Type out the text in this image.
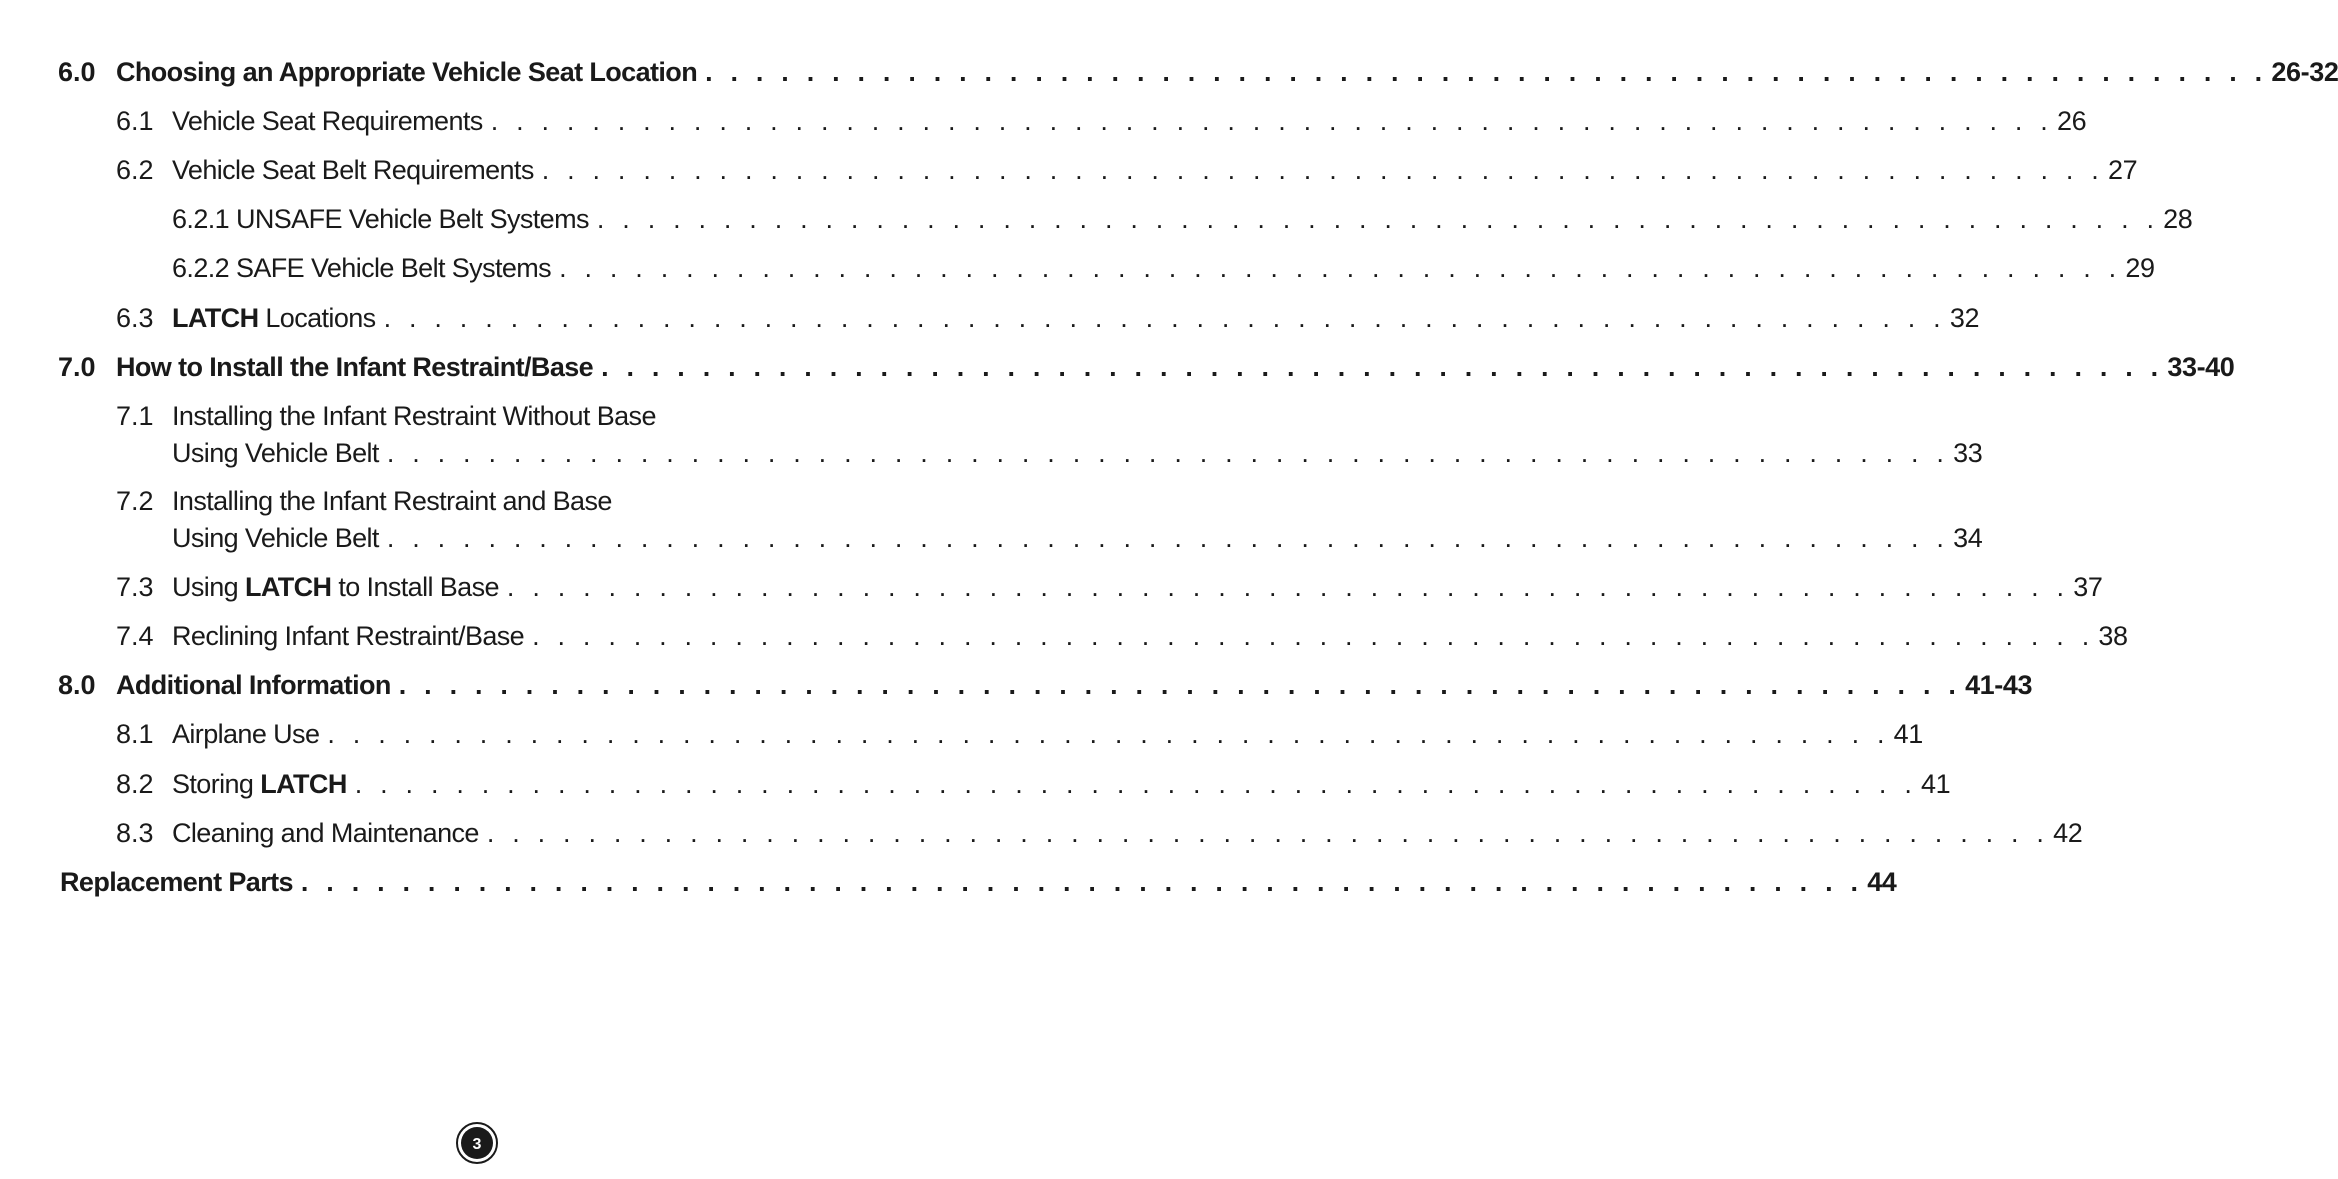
6.0 Choosing an Appropriate Vehicle Seat Location . . . . . . . . . . . . . . . . . . . . . . . . . . . . . . . . . . . . . . . . . . . . . . . . . . . . . . . . . . . . . . 26-32
6.1 Vehicle Seat Requirements . . . . . . . . . . . . . . . . . . . . . . . . . . . . . . . . . . . . . . . . . . . . . . . . . . . . . . . . . . . . . . 26
6.2 Vehicle Seat Belt Requirements . . . . . . . . . . . . . . . . . . . . . . . . . . . . . . . . . . . . . . . . . . . . . . . . . . . . . . . . . . . . . . 27
6.2.1 UNSAFE Vehicle Belt Systems . . . . . . . . . . . . . . . . . . . . . . . . . . . . . . . . . . . . . . . . . . . . . . . . . . . . . . . . . . . . . . 28
6.2.2 SAFE Vehicle Belt Systems . . . . . . . . . . . . . . . . . . . . . . . . . . . . . . . . . . . . . . . . . . . . . . . . . . . . . . . . . . . . . . 29
6.3 LATCH Locations . . . . . . . . . . . . . . . . . . . . . . . . . . . . . . . . . . . . . . . . . . . . . . . . . . . . . . . . . . . . . . 32
7.0 How to Install the Infant Restraint/Base . . . . . . . . . . . . . . . . . . . . . . . . . . . . . . . . . . . . . . . . . . . . . . . . . . . . . . . . . . . . . . 33-40
7.1 Installing the Infant Restraint Without Base
Using Vehicle Belt . . . . . . . . . . . . . . . . . . . . . . . . . . . . . . . . . . . . . . . . . . . . . . . . . . . . . . . . . . . . . . 33
7.2 Installing the Infant Restraint and Base
Using Vehicle Belt . . . . . . . . . . . . . . . . . . . . . . . . . . . . . . . . . . . . . . . . . . . . . . . . . . . . . . . . . . . . . . 34
7.3 Using LATCH to Install Base . . . . . . . . . . . . . . . . . . . . . . . . . . . . . . . . . . . . . . . . . . . . . . . . . . . . . . . . . . . . . . 37
7.4 Reclining Infant Restraint/Base . . . . . . . . . . . . . . . . . . . . . . . . . . . . . . . . . . . . . . . . . . . . . . . . . . . . . . . . . . . . . . 38
8.0 Additional Information . . . . . . . . . . . . . . . . . . . . . . . . . . . . . . . . . . . . . . . . . . . . . . . . . . . . . . . . . . . . . . 41-43
8.1 Airplane Use . . . . . . . . . . . . . . . . . . . . . . . . . . . . . . . . . . . . . . . . . . . . . . . . . . . . . . . . . . . . . . 41
8.2 Storing LATCH . . . . . . . . . . . . . . . . . . . . . . . . . . . . . . . . . . . . . . . . . . . . . . . . . . . . . . . . . . . . . . 41
8.3 Cleaning and Maintenance . . . . . . . . . . . . . . . . . . . . . . . . . . . . . . . . . . . . . . . . . . . . . . . . . . . . . . . . . . . . . . 42
Replacement Parts . . . . . . . . . . . . . . . . . . . . . . . . . . . . . . . . . . . . . . . . . . . . . . . . . . . . . . . . . . . . . . 44
3
